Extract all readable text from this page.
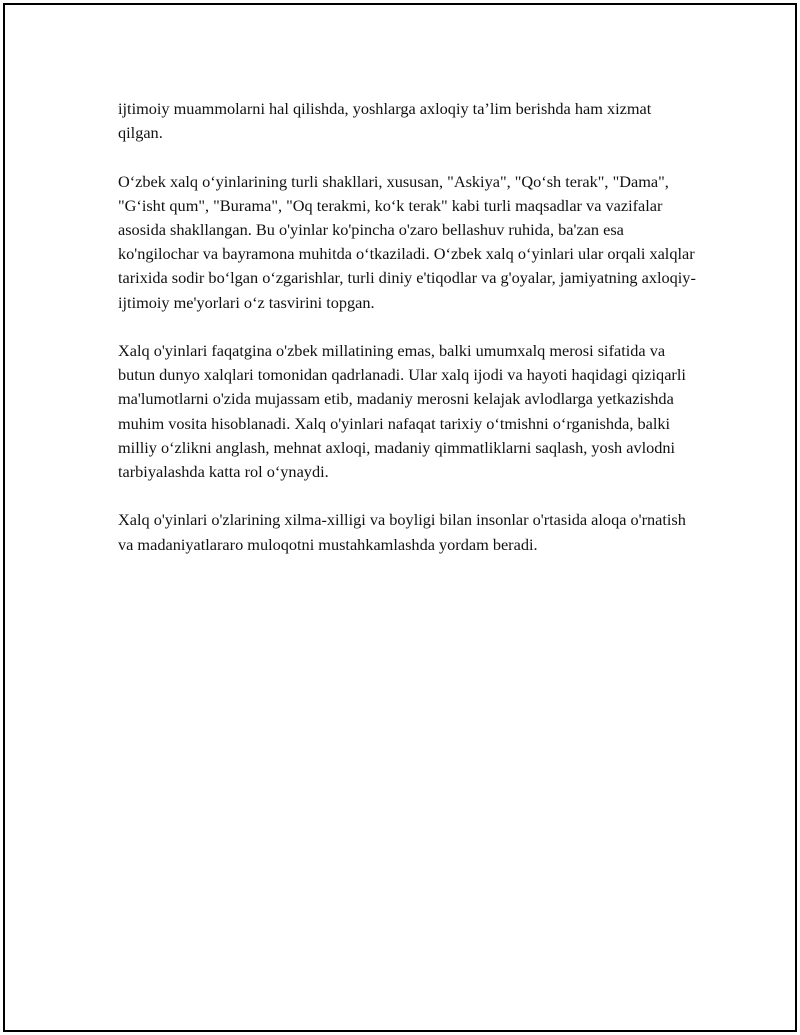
ijtimoiy muammolarni hal qilishda, yoshlarga axloqiy ta’lim berishda ham xizmat qilgan.

O‘zbek xalq o‘yinlarining turli shakllari, xususan, "Askiya", "Qo‘sh terak", "Dama", "G‘isht qum", "Burama", "Oq terakmi, ko‘k terak" kabi turli maqsadlar va vazifalar asosida shakllangan. Bu o'yinlar ko'pincha o'zaro bellashuv ruhida, ba'zan esa ko'ngilochar va bayramona muhitda o‘tkaziladi. O‘zbek xalq o‘yinlari ular orqali xalqlar tarixida sodir bo‘lgan o‘zgarishlar, turli diniy e'tiqodlar va g'oyalar, jamiyatning axloqiy-ijtimoiy me'yorlari o‘z tasvirini topgan.

Xalq o'yinlari faqatgina o'zbek millatining emas, balki umumxalq merosi sifatida va butun dunyo xalqlari tomonidan qadrlanadi. Ular xalq ijodi va hayoti haqidagi qiziqarli ma'lumotlarni o'zida mujassam etib, madaniy merosni kelajak avlodlarga yetkazishda muhim vosita hisoblanadi. Xalq o'yinlari nafaqat tarixiy o‘tmishni o‘rganishda, balki milliy o‘zlikni anglash, mehnat axloqi, madaniy qimmatliklarni saqlash, yosh avlodni tarbiyalashda katta rol o‘ynaydi.

Xalq o'yinlari o'zlarining xilma-xilligi va boyligi bilan insonlar o'rtasida aloqa o'rnatish va madaniyatlararo muloqotni mustahkamlashda yordam beradi.
